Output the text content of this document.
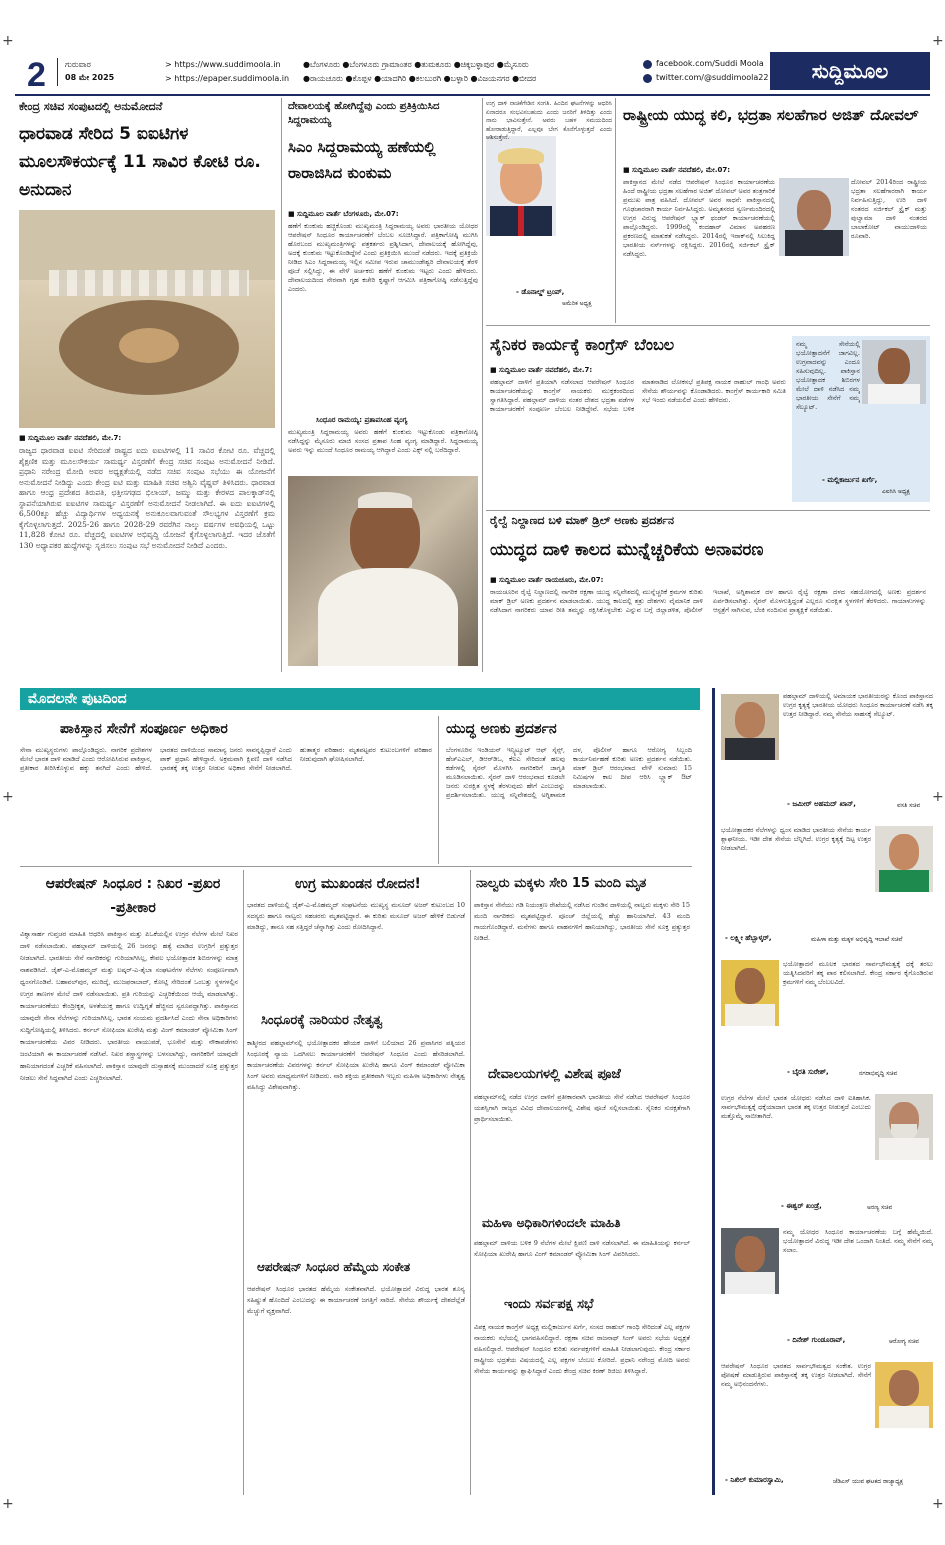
+	+
+	+
+	+
2 ಗುರುವಾರ
08 ಮೇ 2025
> https://www.suddimoola.in
> https://epaper.suddimoola.in
●ಬೆಂಗಳೂರು ●ಬೆಂಗಳೂರು ಗ್ರಾಮಾಂತರ ●ತುಮಕೂರು ●ಚಿಕ್ಕಬಳ್ಳಾಪುರ ●ಮೈಸೂರು
●ರಾಯಚೂರು ●ಕೊಪ್ಪಳ ●ಯಾದಗಿರಿ ●ಕಲಬುರಗಿ ●ಬಳ್ಳಾರಿ ●ವಿಜಯನಗರ ●ಬೀದರ
facebook.com/Suddi Moola
twitter.com/@suddimoola22	ಸುದ್ದಿಮೂಲ
ಕೇಂದ್ರ ಸಚಿವ ಸಂಪುಟದಲ್ಲಿ ಅನುಮೋದನೆ
ಧಾರವಾಡ ಸೇರಿದ 5 ಐಐಟಿಗಳ ಮೂಲಸೌಕರ್ಯಕ್ಕೆ 11 ಸಾವಿರ ಕೋಟಿ ರೂ. ಅನುದಾನ
■ ಸುದ್ದಿಮೂಲ ವಾರ್ತೆ ನವದೆಹಲಿ, ಮೇ.7:
ರಾಜ್ಯದ ಧಾರವಾಡ ಐಐಟಿ ಸೇರಿದಂತೆ ರಾಷ್ಟ್ರದ ಐದು ಐಐಟಿಗಳಲ್ಲಿ 11 ಸಾವಿರ ಕೋಟಿ ರೂ. ವೆಚ್ಚದಲ್ಲಿ ಶೈಕ್ಷಣಿಕ ಮತ್ತು ಮೂಲಸೌಕರ್ಯ ಸಾಮರ್ಥ್ಯ ವಿಸ್ತರಣೆಗೆ ಕೇಂದ್ರ ಸಚಿವ ಸಂಪುಟ ಅನುಮೋದನೆ ನೀಡಿದೆ. ಪ್ರಧಾನಿ ನರೇಂದ್ರ ಮೋದಿ ಅವರ ಅಧ್ಯಕ್ಷತೆಯಲ್ಲಿ ನಡೆದ ಸಚಿವ ಸಂಪುಟ ಸಭೆಯು ಈ ಯೋಜನೆಗೆ ಅನುಮೋದನೆ ನೀಡಿದ್ದು ಎಂದು ಕೇಂದ್ರ ಐಟಿ ಮತ್ತು ಮಾಹಿತಿ ಸಚಿವ ಅಶ್ವಿನಿ ವೈಷ್ಣವ್ ತಿಳಿಸಿದರು. ಧಾರವಾಡ ಹಾಗೂ ಆಂಧ್ರ ಪ್ರದೇಶದ ತಿರುಪತಿ, ಛತ್ತೀಸಗಢದ ಭಿಲಾಯ್, ಜಮ್ಮು ಮತ್ತು ಕೇರಳದ ಪಾಲಕ್ಕಾಡ್‌ನಲ್ಲಿ ಸ್ಥಾಪನೆಯಾಗಿರುವ ಐಐಟಿಗಳ ಸಾಮರ್ಥ್ಯ ವಿಸ್ತರಣೆಗೆ ಅನುಮೋದನೆ ನೀಡಲಾಗಿದೆ. ಈ ಐದು ಐಐಟಿಗಳಲ್ಲಿ 6,500ಕ್ಕೂ ಹೆಚ್ಚು ವಿದ್ಯಾರ್ಥಿಗಳ ಅಧ್ಯಯನಕ್ಕೆ ಅನುಕೂಲವಾಗುವಂತೆ ಸೌಲಭ್ಯಗಳ ವಿಸ್ತರಣೆಗೆ ಕ್ರಮ ಕೈಗೊಳ್ಳಲಾಗುತ್ತದೆ. 2025-26 ಹಾಗೂ 2028-29 ರವರೆಗಿನ ನಾಲ್ಕು ವರ್ಷಗಳ ಅವಧಿಯಲ್ಲಿ ಒಟ್ಟು 11,828 ಕೋಟಿ ರೂ. ವೆಚ್ಚದಲ್ಲಿ ಐಐಟಿಗಳ ಅಭಿವೃದ್ಧಿ ಯೋಜನೆ ಕೈಗೊಳ್ಳಲಾಗುತ್ತಿದೆ. ಇದರ ಜೊತೆಗೆ 130 ಅಧ್ಯಾಪಕರ ಹುದ್ದೆಗಳನ್ನು ಸೃಜಿಸಲು ಸಂಪುಟ ಸಭೆ ಅನುಮೋದನೆ ನೀಡಿದೆ ಎಂದರು.
ದೇವಾಲಯಕ್ಕೆ ಹೋಗಿದ್ದೆವು ಎಂದು ಪ್ರತಿಕ್ರಿಯಿಸಿದ ಸಿದ್ದರಾಮಯ್ಯ
ಸಿಎಂ ಸಿದ್ದರಾಮಯ್ಯ ಹಣೆಯಲ್ಲಿ ರಾರಾಜಿಸಿದ ಕುಂಕುಮ
■ ಸುದ್ದಿಮೂಲ ವಾರ್ತೆ ಬೆಂಗಳೂರು, ಮೇ.07:
ಹಣೆಗೆ ಕುಂಕುಮ ಹಚ್ಚಿಕೊಂಡು ಮುಖ್ಯಮಂತ್ರಿ ಸಿದ್ದರಾಮಯ್ಯ ಅವರು ಭಾರತೀಯ ಯೋಧರ ಆಪರೇಷನ್ ಸಿಂಧೂರ ಕಾರ್ಯಾಚರಣೆಗೆ ಬೆಂಬಲ ಸೂಚಿಸಿದ್ದಾರೆ. ಪತ್ರಿಕಾಗೋಷ್ಠಿ ಮುಗಿಸಿ ಹೊರಬಂದ ಮುಖ್ಯಮಂತ್ರಿಗಳನ್ನು ಪತ್ರಕರ್ತರು ಪ್ರಶ್ನಿಸಿದಾಗ, ದೇವಾಲಯಕ್ಕೆ ಹೋಗಿದ್ದೆವು, ಅದಕ್ಕೆ ಕುಂಕುಮ ಇಟ್ಟುಕೊಂಡಿದ್ದೇನೆ ಎಂದು ಪ್ರತಿಕ್ರಿಯಿಸಿ ಮುಂದೆ ನಡೆದರು. ಇದಕ್ಕೆ ಪ್ರತಿಕ್ರಿಯೆ ನೀಡಿದ ಸಿಎಂ ಸಿದ್ದರಾಮಯ್ಯ ಇಲ್ಲಿನ ಸಮೀಪ ಇರುವ ಚಾಮುಂಡೇಶ್ವರಿ ದೇವಾಲಯಕ್ಕೆ ತೆರಳಿ ಪೂಜೆ ಸಲ್ಲಿಸಿದ್ದು, ಈ ವೇಳೆ ಅರ್ಚಕರು ಹಣೆಗೆ ಕುಂಕುಮ ಇಟ್ಟರು ಎಂದು ಹೇಳಿದರು. ದೇವಾಲಯದಿಂದ ನೇರವಾಗಿ ಗೃಹ ಕಚೇರಿ ಕೃಷ್ಣಾಗೆ ಆಗಮಿಸಿ ಪತ್ರಿಕಾಗೋಷ್ಠಿ ನಡೆಸುತ್ತಿದ್ದೆವು ಎಂದರು.
ಸಿಂಧೂರ ರಾಮಯ್ಯ: ಪ್ರತಾಪಸಿಂಹ ವ್ಯಂಗ್ಯ
ಮುಖ್ಯಮಂತ್ರಿ ಸಿದ್ದರಾಮಯ್ಯ ಅವರು ಹಣೆಗೆ ಕುಂಕುಮ ಇಟ್ಟುಕೊಂಡು ಪತ್ರಿಕಾಗೋಷ್ಠಿ ನಡೆಸಿದ್ದನ್ನು ಮೈಸೂರು ಮಾಜಿ ಸಂಸದ ಪ್ರತಾಪ ಸಿಂಹ ವ್ಯಂಗ್ಯ ಮಾಡಿದ್ದಾರೆ. ಸಿದ್ದರಾಮಯ್ಯ ಅವರು ಇನ್ನು ಮುಂದೆ ಸಿಂಧೂರ ರಾಮಯ್ಯ ಆಗಿದ್ದಾರೆ ಎಂದು ಎಕ್ಸ್ ನಲ್ಲಿ ಬರೆದಿದ್ದಾರೆ.
ಉಗ್ರ ದಾಳಿ ನಾಚಿಕೆಗೇಡಿನ ಸಂಗತಿ. ಹಿಂದಿನ ಘಟನೆಗಳನ್ನು ಆಧರಿಸಿ ಏನಾದರೂ ಸಂಭವಿಸಬಹುದು ಎಂದು ಜನರಿಗೆ ತಿಳಿದಿತ್ತು ಎಂದು ನಾನು ಭಾವಿಸುತ್ತೇನೆ. ಅವರು ಬಹಳ ಸಮಯದಿಂದ ಹೋರಾಡುತ್ತಿದ್ದಾರೆ, ಎಲ್ಲವೂ ಬೇಗ ಕೊನೆಗೊಳ್ಳುತ್ತದೆ ಎಂದು ಆಶಿಸುತ್ತೇನೆ.
- ಡೊನಾಲ್ಡ್ ಟ್ರಂಪ್,
ಅಮೆರಿಕ ಅಧ್ಯಕ್ಷ
ರಾಷ್ಟ್ರೀಯ ಯುದ್ಧ ಕಲಿ, ಭದ್ರತಾ ಸಲಹೆಗಾರ ಅಜಿತ್ ದೋವಲ್
■ ಸುದ್ದಿಮೂಲ ವಾರ್ತೆ ನವದೆಹಲಿ, ಮೇ.07:
ಪಾಕಿಸ್ತಾನದ ಮೇಲೆ ನಡೆದ ಆಪರೇಷನ್ ಸಿಂಧೂರ ಕಾರ್ಯಾಚರಣೆಯ ಹಿಂದೆ ರಾಷ್ಟ್ರೀಯ ಭದ್ರತಾ ಸಲಹೆಗಾರ ಅಜಿತ್ ದೋವಲ್ ಅವರ ತಂತ್ರಗಾರಿಕೆ ಪ್ರಮುಖ ಪಾತ್ರ ವಹಿಸಿದೆ. ದೋವಲ್ ಅವರ ಸಾಧನೆ: ಪಾಕಿಸ್ತಾನದಲ್ಲಿ ಗೂಢಚಾರರಾಗಿ ಕಾರ್ಯ ನಿರ್ವಹಿಸಿದ್ದರು. ಅಮೃತಸರದ ಸ್ವರ್ಣಮಂದಿರದಲ್ಲಿ ಉಗ್ರರ ವಿರುದ್ಧ ಆಪರೇಷನ್ ಬ್ಲ್ಯಾಕ್ ಥಂಡರ್ ಕಾರ್ಯಾಚರಣೆಯಲ್ಲಿ ಪಾಲ್ಗೊಂಡಿದ್ದರು. 1999ರಲ್ಲಿ ಕಂದಹಾರ್ ವಿಮಾನ ಅಪಹರಣ ಪ್ರಕರಣದಲ್ಲಿ ಮಾತುಕತೆ ನಡೆಸಿದ್ದರು. 2014ರಲ್ಲಿ ಇರಾಕ್‌ನಲ್ಲಿ ಸಿಲುಕಿದ್ದ ಭಾರತೀಯ ನರ್ಸ್‌ಗಳನ್ನು ರಕ್ಷಿಸಿದ್ದರು. 2016ರಲ್ಲಿ ಸರ್ಜಿಕಲ್ ಸ್ಟ್ರೈಕ್ ನಡೆಸಿದ್ದರು.
ದೋವಲ್ 2014ರಿಂದ ರಾಷ್ಟ್ರೀಯ ಭದ್ರತಾ ಸಲಹೆಗಾರರಾಗಿ ಕಾರ್ಯ ನಿರ್ವಹಿಸುತ್ತಿದ್ದು, ಉರಿ ದಾಳಿ ನಂತರದ ಸರ್ಜಿಕಲ್ ಸ್ಟ್ರೈಕ್ ಮತ್ತು ಪುಲ್ವಾಮಾ ದಾಳಿ ನಂತರದ ಬಾಲಾಕೋಟ್ ವಾಯುದಾಳಿಯ ರೂವಾರಿ.
ಸೈನಿಕರ ಕಾರ್ಯಕ್ಕೆ ಕಾಂಗ್ರೆಸ್ ಬೆಂಬಲ
■ ಸುದ್ದಿಮೂಲ ವಾರ್ತೆ ನವದೆಹಲಿ, ಮೇ.7:
ಪಹಲ್ಗಾಮ್ ದಾಳಿಗೆ ಪ್ರತಿಯಾಗಿ ನಡೆಸಲಾದ ಆಪರೇಷನ್ ಸಿಂಧೂರ ಕಾರ್ಯಾಚರಣೆಯನ್ನು ಕಾಂಗ್ರೆಸ್ ನಾಯಕರು ಮುಕ್ತಕಂಠದಿಂದ ಸ್ವಾಗತಿಸಿದ್ದಾರೆ. ಪಹಲ್ಗಾಮ್ ದಾಳಿಯ ನಂತರ ದೇಶದ ಭದ್ರತಾ ಪಡೆಗಳ ಕಾರ್ಯಾಚರಣೆಗೆ ಸಂಪೂರ್ಣ ಬೆಂಬಲ ನೀಡಿದ್ದೇವೆ. ಸಭೆಯ ಬಳಿಕ ಮಾತನಾಡಿದ ಲೋಕಸಭೆ ಪ್ರತಿಪಕ್ಷ ನಾಯಕ ರಾಹುಲ್ ಗಾಂಧಿ ಅವರು ಸೇನೆಯ ಶೌರ್ಯವನ್ನು ಕೊಂಡಾಡಿದರು. ಕಾಂಗ್ರೆಸ್ ಕಾರ್ಯಕಾರಿ ಸಮಿತಿ ಸಭೆ ಇಂದು ನಡೆಯಲಿದೆ ಎಂದು ಹೇಳಿದರು.
ನಮ್ಮ ಸೇನೆಯಲ್ಲಿ ಭಯೋತ್ಪಾದನೆಗೆ ಜಾಗವಿಲ್ಲ. ಉಗ್ರವಾದವನ್ನು ಎಂದೂ ಸಹಿಸುವುದಿಲ್ಲ. ಪಾಕಿಸ್ತಾನ ಭಯೋತ್ಪಾದಕ ಶಿಬಿರಗಳ ಮೇಲೆ ದಾಳಿ ನಡೆಸಿದ ನಮ್ಮ ಭಾರತೀಯ ಸೇನೆಗೆ ನಮ್ಮ ಸೆಲ್ಯೂಟ್.
- ಮಲ್ಲಿಕಾರ್ಜುನ ಖರ್ಗೆ,
ಎಐಸಿಸಿ ಅಧ್ಯಕ್ಷ
ರೈಲ್ವೆ ನಿಲ್ದಾಣದ ಬಳಿ ಮಾಕ್ ಡ್ರಿಲ್ ಅಣಕು ಪ್ರದರ್ಶನ
ಯುದ್ಧದ ದಾಳಿ ಕಾಲದ ಮುನ್ನೆಚ್ಚರಿಕೆಯ ಅನಾವರಣ
■ ಸುದ್ದಿಮೂಲ ವಾರ್ತೆ ರಾಯಚೂರು, ಮೇ.07:
ರಾಯಚೂರಿನ ರೈಲ್ವೆ ನಿಲ್ದಾಣದಲ್ಲಿ ನಾಗರಿಕ ರಕ್ಷಣಾ ಯುದ್ಧ ಸನ್ನಿವೇಶದಲ್ಲಿ ಮುನ್ನೆಚ್ಚರಿಕೆ ಕ್ರಮಗಳ ಕುರಿತು ಮಾಕ್ ಡ್ರಿಲ್ ಅಣಕು ಪ್ರದರ್ಶನ ಮಾಡಲಾಯಿತು. ಯುದ್ಧ ಕಾಲದಲ್ಲಿ ಶತ್ರು ದೇಶಗಳು ವೈಮಾನಿಕ ದಾಳಿ ನಡೆಸಿದಾಗ ನಾಗರಿಕರು ಯಾವ ರೀತಿ ತಮ್ಮನ್ನು ರಕ್ಷಿಸಿಕೊಳ್ಳಬೇಕು ಎನ್ನುವ ಬಗ್ಗೆ ಜಿಲ್ಲಾಡಳಿತ, ಪೊಲೀಸ್ ಇಲಾಖೆ, ಅಗ್ನಿಶಾಮಕ ದಳ ಹಾಗೂ ರೈಲ್ವೆ ರಕ್ಷಣಾ ದಳದ ಸಹಯೋಗದಲ್ಲಿ ಅಣಕು ಪ್ರದರ್ಶನ ಏರ್ಪಡಿಸಲಾಗಿತ್ತು. ಸೈರನ್ ಮೊಳಗುತ್ತಿದ್ದಂತೆ ಎಲ್ಲರೂ ಸುರಕ್ಷಿತ ಸ್ಥಳಗಳಿಗೆ ತೆರಳಿದರು. ಗಾಯಾಳುಗಳನ್ನು ಆಸ್ಪತ್ರೆಗೆ ಸಾಗಿಸುವ, ಬೆಂಕಿ ನಂದಿಸುವ ಪ್ರಾತ್ಯಕ್ಷಿಕೆ ನಡೆಯಿತು.
ಮೊದಲನೇ ಪುಟದಿಂದ
ಪಾಕಿಸ್ತಾನ ಸೇನೆಗೆ ಸಂಪೂರ್ಣ ಅಧಿಕಾರ
ಸೇನಾ ಮುಖ್ಯಸ್ಥರುಗಳು ಪಾಲ್ಗೊಂಡಿದ್ದರು. ನಾಗರಿಕ ಪ್ರದೇಶಗಳ ಮೇಲೆ ಭಾರತ ದಾಳಿ ಮಾಡಿದೆ ಎಂದು ಆರೋಪಿಸಿರುವ ಪಾಕಿಸ್ತಾನ, ಪ್ರತೀಕಾರ ತೀರಿಸಿಕೊಳ್ಳುವ ಹಕ್ಕು ತನಗಿದೆ ಎಂದು ಹೇಳಿದೆ. ಭಾರತದ ದಾಳಿಯಿಂದ ಸಾಮಾನ್ಯ ಜನರು ಸಾವನ್ನಪ್ಪಿದ್ದಾರೆ ಎಂದು ಪಾಕ್ ಪ್ರಧಾನಿ ಹೇಳಿದ್ದಾರೆ. ಅಕ್ರಮವಾಗಿ ಕ್ಷಿಪಣಿ ದಾಳಿ ನಡೆಸಿದ ಭಾರತಕ್ಕೆ ತಕ್ಕ ಉತ್ತರ ನೀಡುವ ಅಧಿಕಾರ ಸೇನೆಗೆ ನೀಡಲಾಗಿದೆ. ಹುತಾತ್ಮರ ಪರಿಹಾರ: ಮೃತಪಟ್ಟವರ ಕುಟುಂಬಗಳಿಗೆ ಪರಿಹಾರ ನೀಡುವುದಾಗಿ ಘೋಷಿಸಲಾಗಿದೆ.
ಯುದ್ಧ ಅಣಕು ಪ್ರದರ್ಶನ
ಬೆಂಗಳೂರಿನ ಇಂಡಿಯನ್ ಇನ್ಸ್ಟಿಟ್ಯೂಟ್ ಆಫ್ ಸೈನ್ಸ್, ಹೆಚ್‌ಎಎಲ್, ಡಿಆರ್‌ಡಿಒ, ಕೆಐಎ ಸೇರಿದಂತೆ ಹಲವು ಕಡೆಗಳಲ್ಲಿ ಸೈರನ್ ಮೊಳಗಿಸಿ ನಾಗರಿಕರಿಗೆ ಜಾಗೃತಿ ಮೂಡಿಸಲಾಯಿತು. ಸೈರನ್ ದಾಳಿ ಆರಂಭವಾದ ಕೂಡಲೇ ಜನರು ಸುರಕ್ಷಿತ ಸ್ಥಳಕ್ಕೆ ತೆರಳುವುದು ಹೇಗೆ ಎಂಬುದನ್ನು ಪ್ರದರ್ಶಿಸಲಾಯಿತು. ಯುದ್ಧ ಸನ್ನಿವೇಶದಲ್ಲಿ ಅಗ್ನಿಶಾಮಕ ದಳ, ಪೊಲೀಸ್ ಹಾಗೂ ಆರೋಗ್ಯ ಸಿಬ್ಬಂದಿ ಕಾರ್ಯನಿರ್ವಹಣೆ ಕುರಿತು ಅಣಕು ಪ್ರದರ್ಶನ ನಡೆಯಿತು. ಮಾಕ್ ಡ್ರಿಲ್ ಆರಂಭವಾದ ವೇಳೆ ಸುಮಾರು 15 ನಿಮಿಷಗಳ ಕಾಲ ದೀಪ ಆರಿಸಿ ಬ್ಲ್ಯಾಕ್ ಔಟ್ ಮಾಡಲಾಯಿತು.
ಆಪರೇಷನ್ ಸಿಂಧೂರ : ನಿಖರ -ಪ್ರಖರ -ಪ್ರತೀಕಾರ
ವಿಶ್ವಾಸಾರ್ಹ ಗುಪ್ತಚರ ಮಾಹಿತಿ ಆಧರಿಸಿ ಪಾಕಿಸ್ತಾನ ಮತ್ತು ಪಿಒಕೆಯಲ್ಲಿನ ಉಗ್ರರ ನೆಲೆಗಳ ಮೇಲೆ ನಿಖರ ದಾಳಿ ನಡೆಸಲಾಯಿತು. ಪಹಲ್ಗಾಮ್ ದಾಳಿಯಲ್ಲಿ 26 ಜನರನ್ನು ಹತ್ಯೆ ಮಾಡಿದ ಉಗ್ರರಿಗೆ ಪ್ರತ್ಯುತ್ತರ ನೀಡಲಾಗಿದೆ. ಭಾರತೀಯ ಸೇನೆ ನಾಗರಿಕರನ್ನು ಗುರಿಯಾಗಿಸಿಲ್ಲ, ಕೇವಲ ಭಯೋತ್ಪಾದಕ ಶಿಬಿರಗಳನ್ನು ಮಾತ್ರ ನಾಶಪಡಿಸಿದೆ. ಜೈಶ್-ಎ-ಮೊಹಮ್ಮದ್ ಮತ್ತು ಲಷ್ಕರ್-ಎ-ತೈಬಾ ಸಂಘಟನೆಗಳ ನೆಲೆಗಳು ಸಂಪೂರ್ಣವಾಗಿ ಧ್ವಂಸಗೊಂಡಿವೆ. ಬಹಾವಲ್‌ಪುರ, ಮುರಿದ್ಕೆ, ಮುಜಫರಾಬಾದ್, ಕೋಟ್ಲಿ ಸೇರಿದಂತೆ ಒಂಬತ್ತು ಸ್ಥಳಗಳಲ್ಲಿನ ಉಗ್ರರ ತಾಣಗಳ ಮೇಲೆ ದಾಳಿ ನಡೆಸಲಾಯಿತು. ಪ್ರತಿ ಗುರಿಯನ್ನು ಎಚ್ಚರಿಕೆಯಿಂದ ಆಯ್ಕೆ ಮಾಡಲಾಗಿತ್ತು. ಕಾರ್ಯಾಚರಣೆಯು ಕೇಂದ್ರೀಕೃತ, ಅಳತೆಯುಕ್ತ ಹಾಗೂ ಉದ್ವಿಗ್ನತೆ ಹೆಚ್ಚಿಸದ ಸ್ವರೂಪದ್ದಾಗಿತ್ತು. ಪಾಕಿಸ್ತಾನದ ಯಾವುದೇ ಸೇನಾ ನೆಲೆಗಳನ್ನು ಗುರಿಯಾಗಿಸಿಲ್ಲ. ಭಾರತ ಸಂಯಮ ಪ್ರದರ್ಶಿಸಿದೆ ಎಂದು ಸೇನಾ ಅಧಿಕಾರಿಗಳು ಸುದ್ದಿಗೋಷ್ಠಿಯಲ್ಲಿ ತಿಳಿಸಿದರು. ಕರ್ನಲ್ ಸೋಫಿಯಾ ಖುರೇಷಿ ಮತ್ತು ವಿಂಗ್ ಕಮಾಂಡರ್ ವ್ಯೋಮಿಕಾ ಸಿಂಗ್ ಕಾರ್ಯಾಚರಣೆಯ ವಿವರ ನೀಡಿದರು. ಭಾರತೀಯ ವಾಯುಪಡೆ, ಭೂಸೇನೆ ಮತ್ತು ನೌಕಾಪಡೆಗಳು ಜಂಟಿಯಾಗಿ ಈ ಕಾರ್ಯಾಚರಣೆ ನಡೆಸಿವೆ. ನಿಖರ ಶಸ್ತ್ರಾಸ್ತ್ರಗಳನ್ನು ಬಳಸಲಾಗಿದ್ದು, ನಾಗರಿಕರಿಗೆ ಯಾವುದೇ ಹಾನಿಯಾಗದಂತೆ ಎಚ್ಚರಿಕೆ ವಹಿಸಲಾಗಿದೆ. ಪಾಕಿಸ್ತಾನ ಯಾವುದೇ ದುಸ್ಸಾಹಸಕ್ಕೆ ಮುಂದಾದರೆ ಸೂಕ್ತ ಪ್ರತ್ಯುತ್ತರ ನೀಡಲು ಸೇನೆ ಸಿದ್ಧವಾಗಿದೆ ಎಂದು ಎಚ್ಚರಿಸಲಾಗಿದೆ.
ಉಗ್ರ ಮುಖಂಡನ ರೋದನ!
ಭಾರತದ ದಾಳಿಯಲ್ಲಿ ಜೈಶ್-ಎ-ಮೊಹಮ್ಮದ್ ಸಂಘಟನೆಯ ಮುಖ್ಯಸ್ಥ ಮಸೂದ್ ಅಜರ್ ಕುಟುಂಬದ 10 ಸದಸ್ಯರು ಹಾಗೂ ನಾಲ್ವರು ಸಹಚರರು ಮೃತಪಟ್ಟಿದ್ದಾರೆ. ಈ ಕುರಿತು ಮಸೂದ್ ಅಜರ್ ಹೇಳಿಕೆ ಬಿಡುಗಡೆ ಮಾಡಿದ್ದು, ತಾನೂ ಸಹ ಸತ್ತಿದ್ದರೆ ಚೆನ್ನಾಗಿತ್ತು ಎಂದು ರೋದಿಸಿದ್ದಾನೆ.
ಸಿಂಧೂರಕ್ಕೆ ನಾರಿಯರ ನೇತೃತ್ವ
ಕಾಶ್ಮೀರದ ಪಹಲ್ಗಾಮ್‌ನಲ್ಲಿ ಭಯೋತ್ಪಾದಕರ ಹೇಯಕ ದಾಳಿಗೆ ಬಲಿಯಾದ 26 ಪ್ರವಾಸಿಗರ ಪತ್ನಿಯರ ಸಿಂಧೂರಕ್ಕೆ ನ್ಯಾಯ ಒದಗಿಸಲು ಕಾರ್ಯಾಚರಣೆಗೆ ಆಪರೇಷನ್ ಸಿಂಧೂರ ಎಂದು ಹೆಸರಿಡಲಾಗಿದೆ. ಕಾರ್ಯಾಚರಣೆಯ ವಿವರಗಳನ್ನು ಕರ್ನಲ್ ಸೋಫಿಯಾ ಖುರೇಷಿ ಹಾಗೂ ವಿಂಗ್ ಕಮಾಂಡರ್ ವ್ಯೋಮಿಕಾ ಸಿಂಗ್ ಅವರು ಮಾಧ್ಯಮಗಳಿಗೆ ನೀಡಿದರು. ನಾರಿ ಶಕ್ತಿಯ ಪ್ರತೀಕವಾಗಿ ಇಬ್ಬರು ಮಹಿಳಾ ಅಧಿಕಾರಿಗಳು ನೇತೃತ್ವ ವಹಿಸಿದ್ದು ವಿಶೇಷವಾಗಿತ್ತು.
ಆಪರೇಷನ್ ಸಿಂಧೂರ ಹೆಮ್ಮೆಯ ಸಂಕೇತ
ಆಪರೇಷನ್ ಸಿಂಧೂರ ಭಾರತದ ಹೆಮ್ಮೆಯ ಸಂಕೇತವಾಗಿದೆ. ಭಯೋತ್ಪಾದನೆ ವಿರುದ್ಧ ಭಾರತ ಶೂನ್ಯ ಸಹಿಷ್ಣುತೆ ಹೊಂದಿದೆ ಎಂಬುದನ್ನು ಈ ಕಾರ್ಯಾಚರಣೆ ಜಗತ್ತಿಗೆ ಸಾರಿದೆ. ಸೇನೆಯ ಶೌರ್ಯಕ್ಕೆ ದೇಶದೆಲ್ಲೆಡೆ ಮೆಚ್ಚುಗೆ ವ್ಯಕ್ತವಾಗಿದೆ.
ನಾಲ್ವರು ಮಕ್ಕಳು ಸೇರಿ 15 ಮಂದಿ ಮೃತ
ಪಾಕಿಸ್ತಾನ ಸೇನೆಯು ಗಡಿ ನಿಯಂತ್ರಣ ರೇಖೆಯಲ್ಲಿ ನಡೆಸಿದ ಗುಂಡಿನ ದಾಳಿಯಲ್ಲಿ ನಾಲ್ವರು ಮಕ್ಕಳು ಸೇರಿ 15 ಮಂದಿ ನಾಗರಿಕರು ಮೃತಪಟ್ಟಿದ್ದಾರೆ. ಪೂಂಚ್ ಜಿಲ್ಲೆಯಲ್ಲಿ ಹೆಚ್ಚು ಹಾನಿಯಾಗಿದೆ. 43 ಮಂದಿ ಗಾಯಗೊಂಡಿದ್ದಾರೆ. ಮನೆಗಳು ಹಾಗೂ ವಾಹನಗಳಿಗೆ ಹಾನಿಯಾಗಿದ್ದು, ಭಾರತೀಯ ಸೇನೆ ಸೂಕ್ತ ಪ್ರತ್ಯುತ್ತರ ನೀಡಿದೆ.
ದೇವಾಲಯಗಳಲ್ಲಿ ವಿಶೇಷ ಪೂಜೆ
ಪಹಲ್ಗಾಮ್‌ನಲ್ಲಿ ನಡೆದ ಉಗ್ರರ ದಾಳಿಗೆ ಪ್ರತೀಕಾರವಾಗಿ ಭಾರತೀಯ ಸೇನೆ ನಡೆಸಿದ ಆಪರೇಷನ್ ಸಿಂಧೂರ ಯಶಸ್ಸಿಗಾಗಿ ರಾಜ್ಯದ ವಿವಿಧ ದೇವಾಲಯಗಳಲ್ಲಿ ವಿಶೇಷ ಪೂಜೆ ಸಲ್ಲಿಸಲಾಯಿತು. ಸೈನಿಕರ ಸುರಕ್ಷತೆಗಾಗಿ ಪ್ರಾರ್ಥಿಸಲಾಯಿತು.
ಮಹಿಳಾ ಅಧಿಕಾರಿಗಳಿಂದಲೇ ಮಾಹಿತಿ
ಪಹಲ್ಗಾಮ್ ದಾಳಿಯ ಬಳಿಕ 9 ನೆಲೆಗಳ ಮೇಲೆ ಕ್ಷಿಪಣಿ ದಾಳಿ ನಡೆಸಲಾಗಿದೆ. ಈ ಮಾಹಿತಿಯನ್ನು ಕರ್ನಲ್ ಸೋಫಿಯಾ ಖುರೇಷಿ ಹಾಗೂ ವಿಂಗ್ ಕಮಾಂಡರ್ ವ್ಯೋಮಿಕಾ ಸಿಂಗ್ ವಿವರಿಸಿದರು.
ಇಂದು ಸರ್ವಪಕ್ಷ ಸಭೆ
ವಿಪಕ್ಷ ನಾಯಕ ಕಾಂಗ್ರೆಸ್ ಅಧ್ಯಕ್ಷ ಮಲ್ಲಿಕಾರ್ಜುನ ಖರ್ಗೆ, ಸಂಸದ ರಾಹುಲ್ ಗಾಂಧಿ ಸೇರಿದಂತೆ ಎಲ್ಲ ಪಕ್ಷಗಳ ನಾಯಕರು ಸಭೆಯಲ್ಲಿ ಭಾಗವಹಿಸಲಿದ್ದಾರೆ. ರಕ್ಷಣಾ ಸಚಿವ ರಾಜನಾಥ್ ಸಿಂಗ್ ಅವರು ಸಭೆಯ ಅಧ್ಯಕ್ಷತೆ ವಹಿಸಲಿದ್ದಾರೆ. ಆಪರೇಷನ್ ಸಿಂಧೂರ ಕುರಿತು ಸರ್ವಪಕ್ಷಗಳಿಗೆ ಮಾಹಿತಿ ನೀಡಲಾಗುವುದು. ಕೇಂದ್ರ ಸರ್ಕಾರ ರಾಷ್ಟ್ರೀಯ ಭದ್ರತೆಯ ವಿಷಯದಲ್ಲಿ ಎಲ್ಲ ಪಕ್ಷಗಳ ಬೆಂಬಲ ಕೋರಿದೆ. ಪ್ರಧಾನಿ ನರೇಂದ್ರ ಮೋದಿ ಅವರು ಸೇನೆಯ ಕಾರ್ಯವನ್ನು ಶ್ಲಾಘಿಸಿದ್ದಾರೆ ಎಂದು ಕೇಂದ್ರ ಸಚಿವ ಕಿರಣ್ ರಿಜಿಜು ತಿಳಿಸಿದ್ದಾರೆ.
ಪಹಲ್ಗಾಮ್ ದಾಳಿಯಲ್ಲಿ ಅಮಾಯಕ ಭಾರತೀಯರನ್ನು ಕೊಂದ ಪಾಕಿಸ್ತಾನದ ಉಗ್ರರ ಕೃತ್ಯಕ್ಕೆ ಭಾರತೀಯ ಯೋಧರು ಸಿಂಧೂರ ಕಾರ್ಯಾಚರಣೆ ನಡೆಸಿ ತಕ್ಕ ಉತ್ತರ ನೀಡಿದ್ದಾರೆ. ನಮ್ಮ ಸೇನೆಯ ಸಾಹಸಕ್ಕೆ ಸೆಲ್ಯೂಟ್.
- ಜಮೀರ್ ಅಹಮದ್ ಖಾನ್,	ವಸತಿ ಸಚಿವ
ಭಯೋತ್ಪಾದಕರ ನೆಲೆಗಳನ್ನು ಧ್ವಂಸ ಮಾಡಿದ ಭಾರತೀಯ ಸೇನೆಯ ಕಾರ್ಯ ಶ್ಲಾಘನೀಯ. ಇಡೀ ದೇಶ ಸೇನೆಯ ಬೆನ್ನಿಗಿದೆ. ಉಗ್ರರ ಕೃತ್ಯಕ್ಕೆ ದಿಟ್ಟ ಉತ್ತರ ನೀಡಲಾಗಿದೆ.
- ಲಕ್ಷ್ಮೀ ಹೆಬ್ಬಾಳ್ಕರ್,	ಮಹಿಳಾ ಮತ್ತು ಮಕ್ಕಳ ಅಭಿವೃದ್ಧಿ ಇಲಾಖೆ ಸಚಿವೆ
ಭಯೋತ್ಪಾದನೆ ಮೂಲಕ ಭಾರತದ ಸಾರ್ವಭೌಮತ್ವಕ್ಕೆ ಧಕ್ಕೆ ತರಲು ಯತ್ನಿಸಿದವರಿಗೆ ತಕ್ಕ ಪಾಠ ಕಲಿಸಲಾಗಿದೆ. ಕೇಂದ್ರ ಸರ್ಕಾರ ಕೈಗೊಂಡಿರುವ ಕ್ರಮಗಳಿಗೆ ನಮ್ಮ ಬೆಂಬಲವಿದೆ.
- ಬೈರತಿ ಸುರೇಶ್,	ನಗರಾಭಿವೃದ್ಧಿ ಸಚಿವ
ಉಗ್ರರ ನೆಲೆಗಳ ಮೇಲೆ ಭಾರತ ಯೋಧರು ನಡೆಸಿದ ದಾಳಿ ಐತಿಹಾಸಿಕ. ಸಾರ್ವಭೌಮತ್ವಕ್ಕೆ ಧಕ್ಕೆಯಾದಾಗ ಭಾರತ ತಕ್ಕ ಉತ್ತರ ನೀಡುತ್ತದೆ ಎಂಬುದು ಮತ್ತೊಮ್ಮೆ ಸಾಬೀತಾಗಿದೆ.
- ಈಶ್ವರ್ ಖಂಡ್ರೆ,	ಅರಣ್ಯ ಸಚಿವ
ನಮ್ಮ ಯೋಧರ ಸಿಂಧೂರ ಕಾರ್ಯಾಚರಣೆಯ ಬಗ್ಗೆ ಹೆಮ್ಮೆಯಿದೆ. ಭಯೋತ್ಪಾದನೆ ವಿರುದ್ಧ ಇಡೀ ದೇಶ ಒಂದಾಗಿ ನಿಂತಿದೆ. ನಮ್ಮ ಸೇನೆಗೆ ನಮ್ಮ ಸಲಾಂ.
- ದಿನೇಶ್ ಗುಂಡೂರಾವ್,	ಆರೋಗ್ಯ ಸಚಿವ
ಆಪರೇಷನ್ ಸಿಂಧೂರ ಭಾರತದ ಸಾರ್ವಭೌಮತ್ವದ ಸಂಕೇತ. ಉಗ್ರರ ಪೋಷಣೆ ಮಾಡುತ್ತಿರುವ ಪಾಕಿಸ್ತಾನಕ್ಕೆ ತಕ್ಕ ಉತ್ತರ ನೀಡಲಾಗಿದೆ. ಸೇನೆಗೆ ನಮ್ಮ ಅಭಿನಂದನೆಗಳು.
- ನಿಖಿಲ್ ಕುಮಾರಸ್ವಾಮಿ,	ಜೆಡಿಎಸ್ ಯುವ ಘಟಕದ ರಾಜ್ಯಾಧ್ಯಕ್ಷ
